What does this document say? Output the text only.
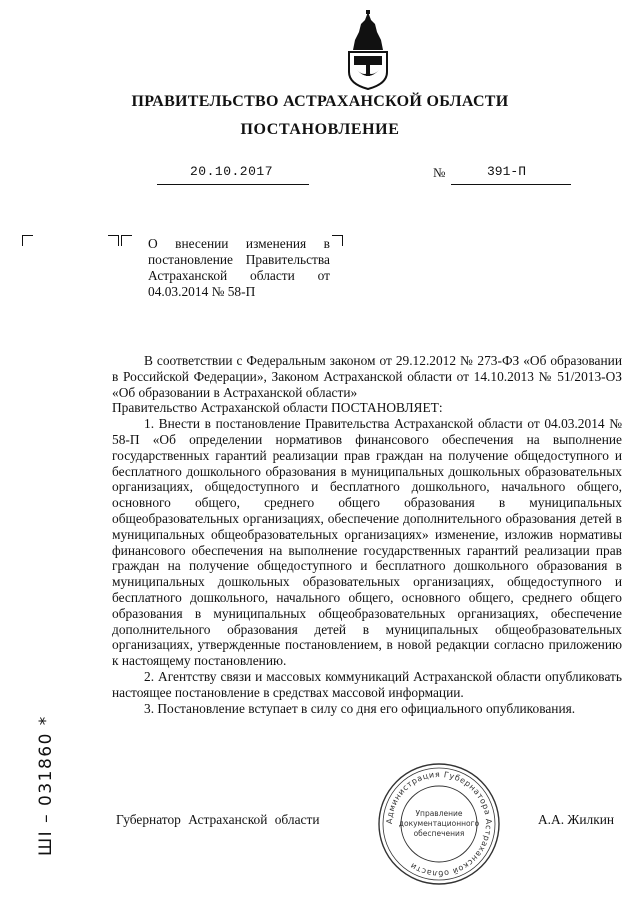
ПРАВИТЕЛЬСТВО АСТРАХАНСКОЙ ОБЛАСТИ
ПОСТАНОВЛЕНИЕ
20.10.2017	№	391-П
О внесении изменения в постановление Правительства Астраханской области от 04.03.2014 № 58-П

В соответствии с Федеральным законом от 29.12.2012 № 273-ФЗ «Об образовании в Российской Федерации», Законом Астраханской области от 14.10.2013 № 51/2013-ОЗ «Об образовании в Астраханской области»

Правительство Астраханской области ПОСТАНОВЛЯЕТ:

1. Внести в постановление Правительства Астраханской области от 04.03.2014 № 58-П «Об определении нормативов финансового обеспечения на выполнение государственных гарантий реализации прав граждан на получение общедоступного и бесплатного дошкольного образования в муниципальных дошкольных образовательных организациях, общедоступного и бесплатного дошкольного, начального общего, основного общего, среднего общего образования в муниципальных общеобразовательных организациях, обеспечение дополнительного образования детей в муниципальных общеобразовательных организациях» изменение, изложив нормативы финансового обеспечения на выполнение государственных гарантий реализации прав граждан на получение общедоступного и бесплатного дошкольного образования в муниципальных дошкольных образовательных организациях, общедоступного и бесплатного дошкольного, начального общего, основного общего, среднего общего образования в муниципальных общеобразовательных организациях, обеспечение дополнительного образования детей в муниципальных общеобразовательных организациях, утвержденные постановлением, в новой редакции согласно приложению к настоящему постановлению.

2. Агентству связи и массовых коммуникаций Астраханской области опубликовать настоящее постановление в средствах массовой информации.

3. Постановление вступает в силу со дня его официального опубликования.

Губернатор Астраханской области	А.А. Жилкин
Администрация Губернатора Астраханской области
Управление
документационного
обеспечения
ШI – 031860 *
